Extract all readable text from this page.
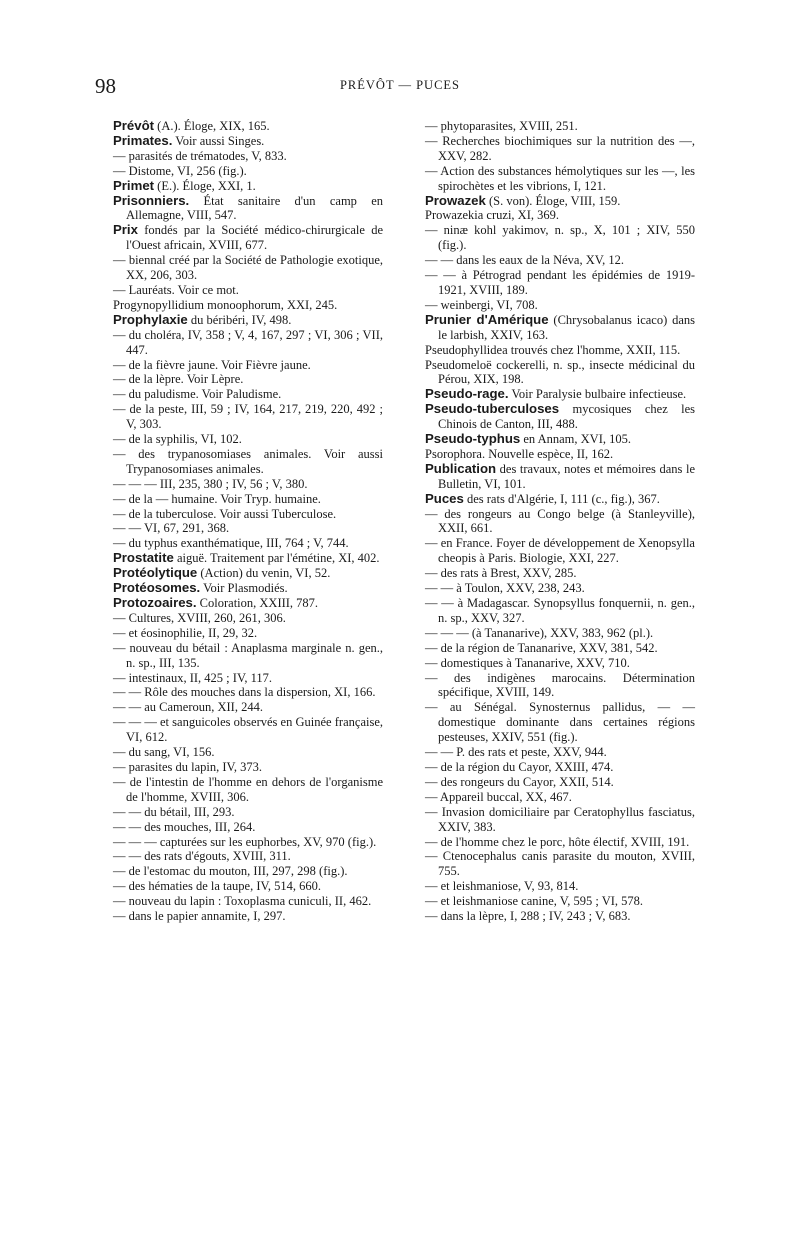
98	PRÉVÔT — PUCES
Prévôt (A.). Éloge, XIX, 165.
Primates. Voir aussi Singes.
— parasités de trématodes, V, 833.
— Distome, VI, 256 (fig.).
Primet (E.). Éloge, XXI, 1.
Prisonniers. État sanitaire d'un camp en Allemagne, VIII, 547.
Prix fondés par la Société médico-chirurgicale de l'Ouest africain, XVIII, 677.
— biennal créé par la Société de Pathologie exotique, XX, 206, 303.
— Lauréats. Voir ce mot.
Progynopyllidium monoophorum, XXI, 245.
Prophylaxie du béribéri, IV, 498.
— du choléra, IV, 358 ; V, 4, 167, 297 ; VI, 306 ; VII, 447.
— de la fièvre jaune. Voir Fièvre jaune.
— de la lèpre. Voir Lèpre.
— du paludisme. Voir Paludisme.
— de la peste, III, 59 ; IV, 164, 217, 219, 220, 492 ; V, 303.
— de la syphilis, VI, 102.
— des trypanosomiases animales. Voir aussi Trypanosomiases animales.
— — — III, 235, 380 ; IV, 56 ; V, 380.
— de la — humaine. Voir Tryp. humaine.
— de la tuberculose. Voir aussi Tuberculose.
— — VI, 67, 291, 368.
— du typhus exanthématique, III, 764 ; V, 744.
Prostatite aiguë. Traitement par l'émétine, XI, 402.
Protéolytique (Action) du venin, VI, 52.
Protéosomes. Voir Plasmodiés.
Protozoaires. Coloration, XXIII, 787.
— Cultures, XVIII, 260, 261, 306.
— et éosinophilie, II, 29, 32.
— nouveau du bétail : Anaplasma marginale n. gen., n. sp., III, 135.
— intestinaux, II, 425 ; IV, 117.
— — Rôle des mouches dans la dispersion, XI, 166.
— — au Cameroun, XII, 244.
— — — et sanguicoles observés en Guinée française, VI, 612.
— du sang, VI, 156.
— parasites du lapin, IV, 373.
— de l'intestin de l'homme en dehors de l'organisme de l'homme, XVIII, 306.
— — du bétail, III, 293.
— — des mouches, III, 264.
— — — capturées sur les euphorbes, XV, 970 (fig.).
— — des rats d'égouts, XVIII, 311.
— de l'estomac du mouton, III, 297, 298 (fig.).
— des hématies de la taupe, IV, 514, 660.
— nouveau du lapin : Toxoplasma cuniculi, II, 462.
— dans le papier annamite, I, 297.
— phytoparasites, XVIII, 251.
— Recherches biochimiques sur la nutrition des —, XXV, 282.
— Action des substances hémolytiques sur les —, les spirochètes et les vibrions, I, 121.
Prowazek (S. von). Éloge, VIII, 159.
Prowazekia cruzi, XI, 369.
— ninæ kohl yakimov, n. sp., X, 101 ; XIV, 550 (fig.).
— — dans les eaux de la Néva, XV, 12.
— — à Pétrograd pendant les épidémies de 1919-1921, XVIII, 189.
— weinbergi, VI, 708.
Prunier d'Amérique (Chrysobalanus icaco) dans le larbish, XXIV, 163.
Pseudophyllidea trouvés chez l'homme, XXII, 115.
Pseudomeloë cockerelli, n. sp., insecte médicinal du Pérou, XIX, 198.
Pseudo-rage. Voir Paralysie bulbaire infectieuse.
Pseudo-tuberculoses mycosiques chez les Chinois de Canton, III, 488.
Pseudo-typhus en Annam, XVI, 105.
Psorophora. Nouvelle espèce, II, 162.
Publication des travaux, notes et mémoires dans le Bulletin, VI, 101.
Puces des rats d'Algérie, I, 111 (c., fig.), 367.
— des rongeurs au Congo belge (à Stanleyville), XXII, 661.
— en France. Foyer de développement de Xenopsylla cheopis à Paris. Biologie, XXI, 227.
— des rats à Brest, XXV, 285.
— — à Toulon, XXV, 238, 243.
— — à Madagascar. Synopsyllus fonquernii, n. gen., n. sp., XXV, 327.
— — — (à Tananarive), XXV, 383, 962 (pl.).
— de la région de Tananarive, XXV, 381, 542.
— domestiques à Tananarive, XXV, 710.
— des indigènes marocains. Détermination spécifique, XVIII, 149.
— au Sénégal. Synosternus pallidus, — — domestique dominante dans certaines régions pesteuses, XXIV, 551 (fig.).
— — P. des rats et peste, XXV, 944.
— de la région du Cayor, XXIII, 474.
— des rongeurs du Cayor, XXII, 514.
— Appareil buccal, XX, 467.
— Invasion domiciliaire par Ceratophyllus fasciatus, XXIV, 383.
— de l'homme chez le porc, hôte électif, XVIII, 191.
— Ctenocephalus canis parasite du mouton, XVIII, 755.
— et leishmaniose, V, 93, 814.
— et leishmaniose canine, V, 595 ; VI, 578.
— dans la lèpre, I, 288 ; IV, 243 ; V, 683.
